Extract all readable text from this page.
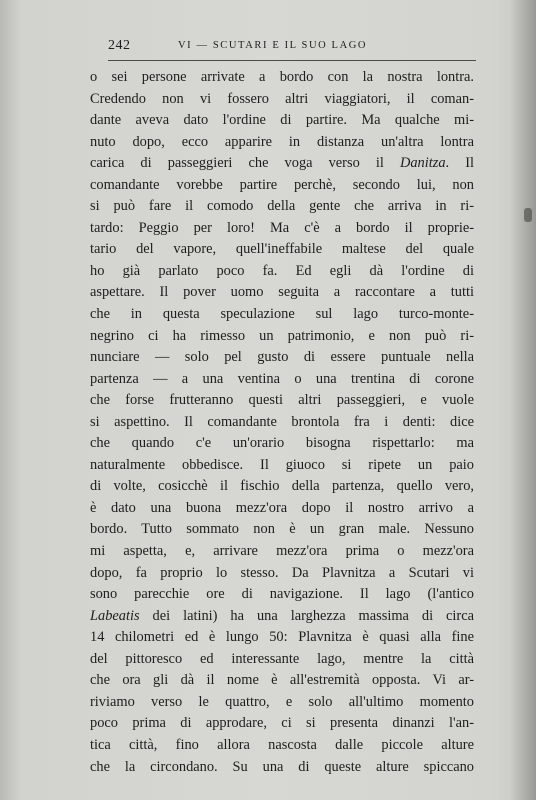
242	VI — SCUTARI E IL SUO LAGO
o sei persone arrivate a bordo con la nostra lontra.
Credendo non vi fossero altri viaggiatori, il coman-
dante aveva dato l'ordine di partire. Ma qualche mi-
nuto dopo, ecco apparire in distanza un'altra lontra
carica di passeggieri che voga verso il Danitza. Il
comandante vorebbe partire perchè, secondo lui, non
si può fare il comodo della gente che arriva in ri-
tardo: Peggio per loro! Ma c'è a bordo il proprie-
tario del vapore, quell'ineffabile maltese del quale
ho già parlato poco fa. Ed egli dà l'ordine di
aspettare. Il pover uomo seguita a raccontare a tutti
che in questa speculazione sul lago turco-monte-
negrino ci ha rimesso un patrimonio, e non può ri-
nunciare — solo pel gusto di essere puntuale nella
partenza — a una ventina o una trentina di corone
che forse frutteranno questi altri passeggieri, e vuole
si aspettino. Il comandante brontola fra i denti: dice
che quando c'e un'orario bisogna rispettarlo: ma
naturalmente obbedisce. Il giuoco si ripete un paio
di volte, cosicchè il fischio della partenza, quello vero,
è dato una buona mezz'ora dopo il nostro arrivo a
bordo. Tutto sommato non è un gran male. Nessuno
mi aspetta, e, arrivare mezz'ora prima o mezz'ora
dopo, fa proprio lo stesso. Da Plavnitza a Scutari vi
sono parecchie ore di navigazione. Il lago (l'antico
Labeatis dei latini) ha una larghezza massima di circa
14 chilometri ed è lungo 50: Plavnitza è quasi alla fine
del pittoresco ed interessante lago, mentre la città
che ora gli dà il nome è all'estremità opposta. Vi ar-
riviamo verso le quattro, e solo all'ultimo momento
poco prima di approdare, ci si presenta dinanzi l'an-
tica città, fino allora nascosta dalle piccole alture
che la circondano. Su una di queste alture spiccano
